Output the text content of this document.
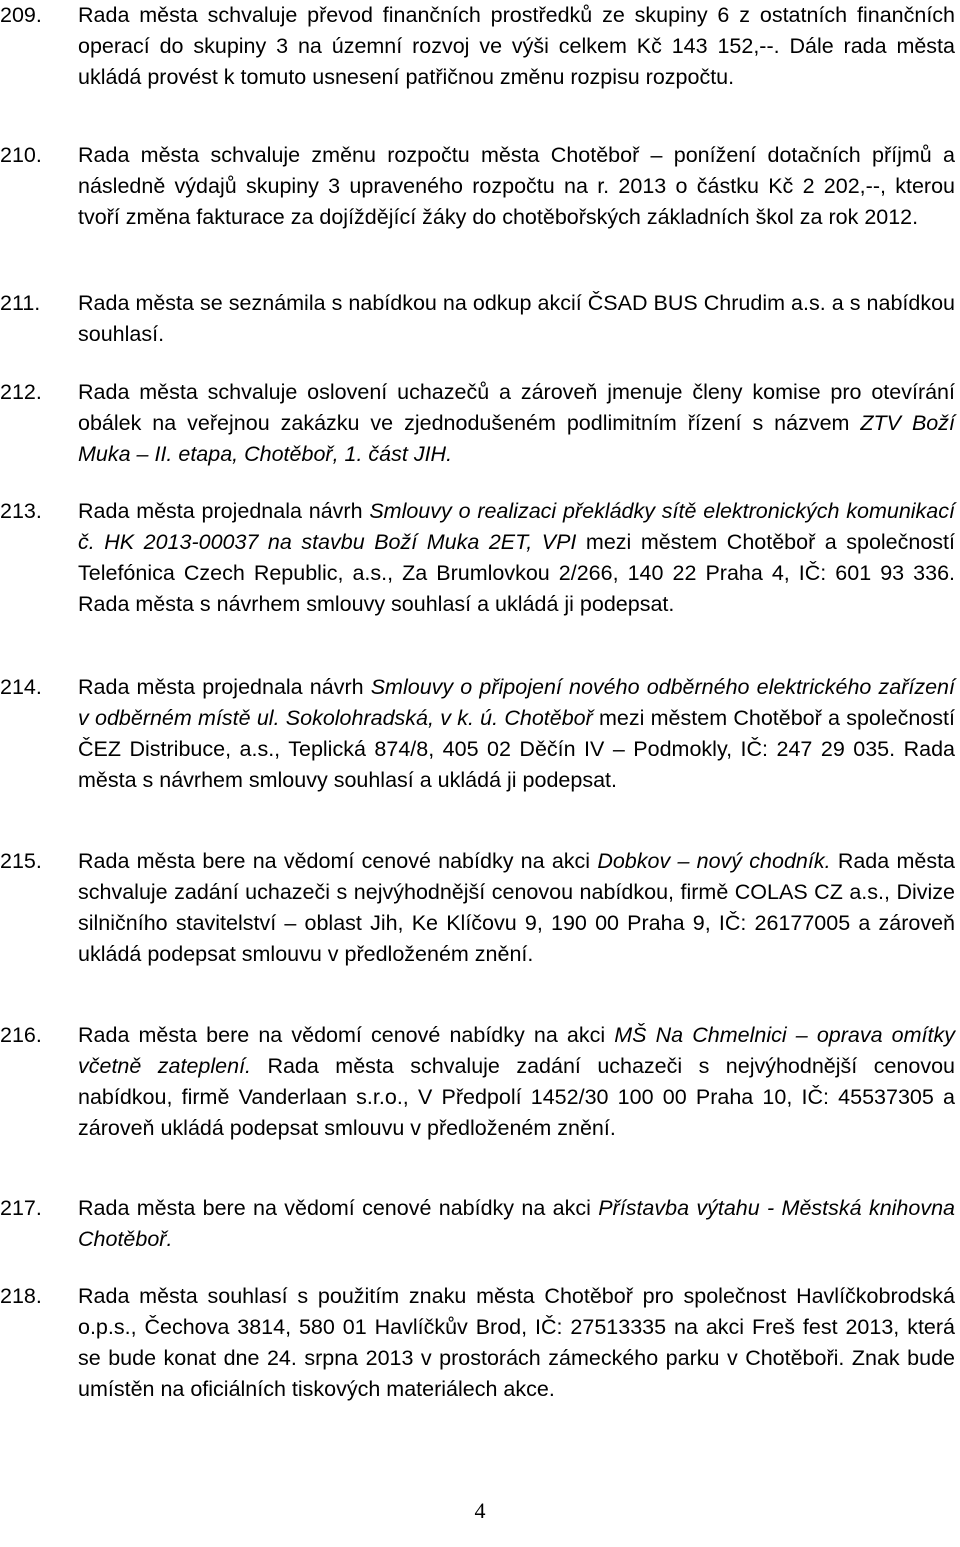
209.	Rada města schvaluje převod finančních prostředků ze skupiny 6 z ostatních finančních operací do skupiny 3 na územní rozvoj ve výši celkem Kč 143 152,--. Dále rada města ukládá provést k tomuto usnesení patřičnou změnu rozpisu rozpočtu.
210.	Rada města schvaluje změnu rozpočtu města Chotěboř – ponížení dotačních příjmů a následně výdajů skupiny 3 upraveného rozpočtu na r. 2013 o částku Kč 2 202,--, kterou tvoří změna fakturace za dojíždějící žáky do chotěbořských základních škol za rok 2012.
211.	Rada města se seznámila s nabídkou na odkup akcií ČSAD BUS Chrudim a.s. a s nabídkou souhlasí.
212.	Rada města schvaluje oslovení uchazečů a zároveň jmenuje členy komise pro otevírání obálek na veřejnou zakázku ve zjednodušeném podlimitním řízení s názvem ZTV Boží Muka – II. etapa, Chotěboř, 1. část JIH.
213.	Rada města projednala návrh Smlouvy o realizaci překládky sítě elektronických komunikací č. HK 2013-00037 na stavbu Boží Muka 2ET, VPI mezi městem Chotěboř a společností Telefónica Czech Republic, a.s., Za Brumlovkou 2/266, 140 22 Praha 4, IČ: 601 93 336. Rada města s návrhem smlouvy souhlasí a ukládá ji podepsat.
214.	Rada města projednala návrh Smlouvy o připojení nového odběrného elektrického zařízení v odběrném místě ul. Sokolohradská, v k. ú. Chotěboř mezi městem Chotěboř a společností ČEZ Distribuce, a.s., Teplická 874/8, 405 02 Děčín IV – Podmokly, IČ: 247 29 035. Rada města s návrhem smlouvy souhlasí a ukládá ji podepsat.
215.	Rada města bere na vědomí cenové nabídky na akci Dobkov – nový chodník. Rada města schvaluje zadání uchazeči s nejvýhodnější cenovou nabídkou, firmě COLAS CZ a.s., Divize silničního stavitelství – oblast Jih, Ke Klíčovu 9, 190 00 Praha 9, IČ: 26177005 a zároveň ukládá podepsat smlouvu v předloženém znění.
216.	Rada města bere na vědomí cenové nabídky na akci MŠ Na Chmelnici – oprava omítky včetně zateplení. Rada města schvaluje zadání uchazeči s nejvýhodnější cenovou nabídkou, firmě Vanderlaan s.r.o., V Předpolí 1452/30 100 00 Praha 10, IČ: 45537305 a zároveň ukládá podepsat smlouvu v předloženém znění.
217.	Rada města bere na vědomí cenové nabídky na akci Přístavba výtahu - Městská knihovna Chotěboř.
218.	Rada města souhlasí s použitím znaku města Chotěboř pro společnost Havlíčkobrodská o.p.s., Čechova 3814, 580 01 Havlíčkův Brod, IČ: 27513335 na akci Freš fest 2013, která se bude konat dne 24. srpna 2013 v prostorách zámeckého parku v Chotěboři. Znak bude umístěn na oficiálních tiskových materiálech akce.
4
